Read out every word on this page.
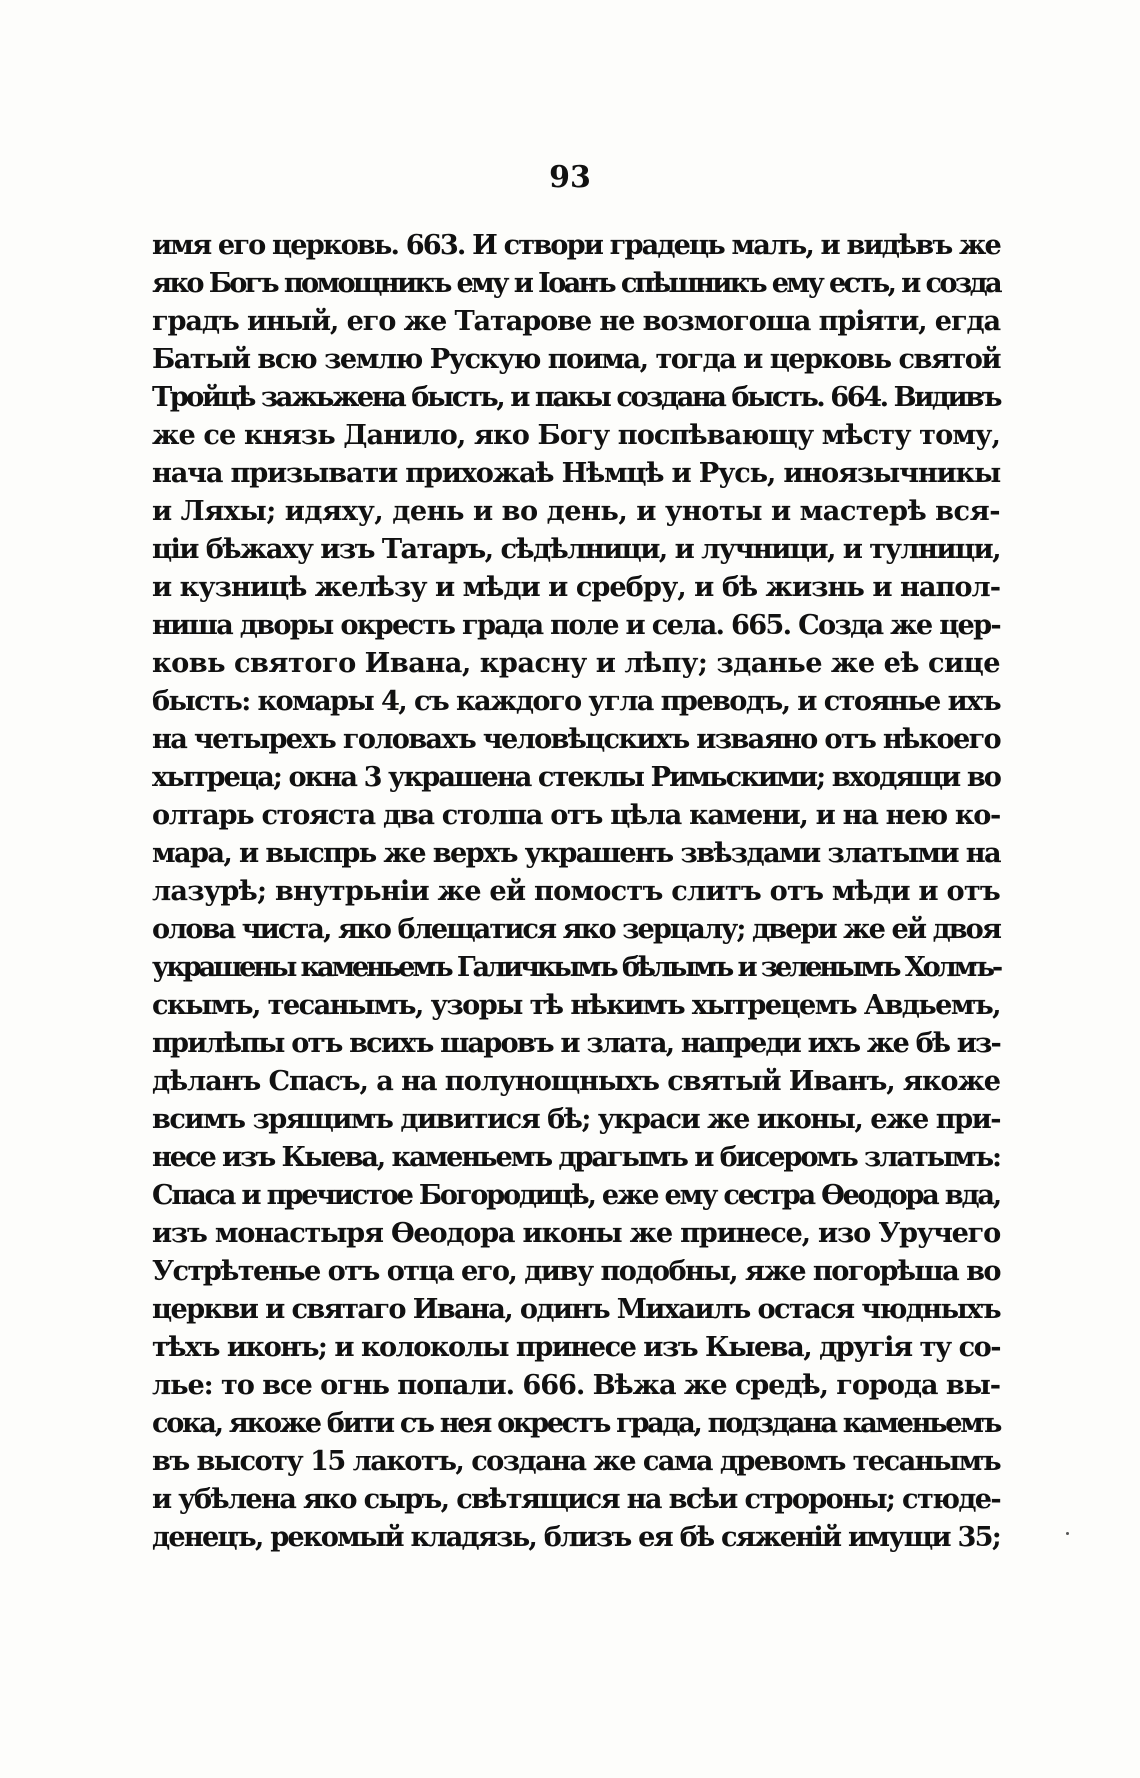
93
имя его церковь. 663. И створи градець малъ, и видѣвъ же
яко Богъ помощникъ ему и Іоанъ спѣшникъ ему есть, и созда
градъ иный, его же Татарове не возмогоша пріяти, егда
Батый всю землю Рускую поима, тогда и церковь святой
Тройцѣ зажьжена бысть, и пакы создана бысть. 664. Видивъ
же се князь Данило, яко Богу поспѣвающу мѣсту тому,
нача призывати прихожаѣ Нѣмцѣ и Русь, иноязычникы
и Ляхы; идяху, день и во день, и уноты и мастерѣ вся-
ціи бѣжаху изъ Татаръ, сѣдѣлници, и лучници, и тулници,
и кузницѣ желѣзу и мѣди и сребру, и бѣ жизнь и напол-
ниша дворы окресть града поле и села. 665. Созда же цер-
ковь святого Ивана, красну и лѣпу; зданье же еѣ сице
бысть: комары 4, съ каждого угла преводъ, и стоянье ихъ
на четырехъ головахъ человѣцскихъ изваяно отъ нѣкоего
хытреца; окна 3 украшена стеклы Римьскими; входящи во
олтарь стояста два столпа отъ цѣла камени, и на нею ко-
мара, и выспрь же верхъ украшенъ звѣздами златыми на
лазурѣ; внутрьніи же ей помостъ слитъ отъ мѣди и отъ
олова чиста, яко блещатися яко зерцалу; двери же ей двоя
украшены каменьемъ Галичкымъ бѣлымъ и зеленымъ Холмъ-
скымъ, тесанымъ, узоры тѣ нѣкимъ хытрецемъ Авдьемъ,
прилѣпы отъ всихъ шаровъ и злата, напреди ихъ же бѣ из-
дѣланъ Спасъ, а на полунощныхъ святый Иванъ, якоже
всимъ зрящимъ дивитися бѣ; украси же иконы, еже при-
несе изъ Кыева, каменьемъ драгымъ и бисеромъ златымъ:
Спаса и пречистое Богородицѣ, еже ему сестра Ѳеодора вда,
изъ монастыря Ѳеодора иконы же принесе, изо Уручего
Устрѣтенье отъ отца его, диву подобны, яже погорѣша во
церкви и святаго Ивана, одинъ Михаилъ остася чюдныхъ
тѣхъ иконъ; и колоколы принесе изъ Кыева, другія ту со-
лье: то все огнь попали. 666. Вѣжа же средѣ, города вы-
сока, якоже бити съ нея окрестъ града, подздана каменьемъ
въ высоту 15 лакотъ, создана же сама древомъ тесанымъ
и убѣлена яко сыръ, свѣтящися на всѣи стророны; стюде-
денецъ, рекомый кладязь, близъ ея бѣ сяженій имущи 35;
